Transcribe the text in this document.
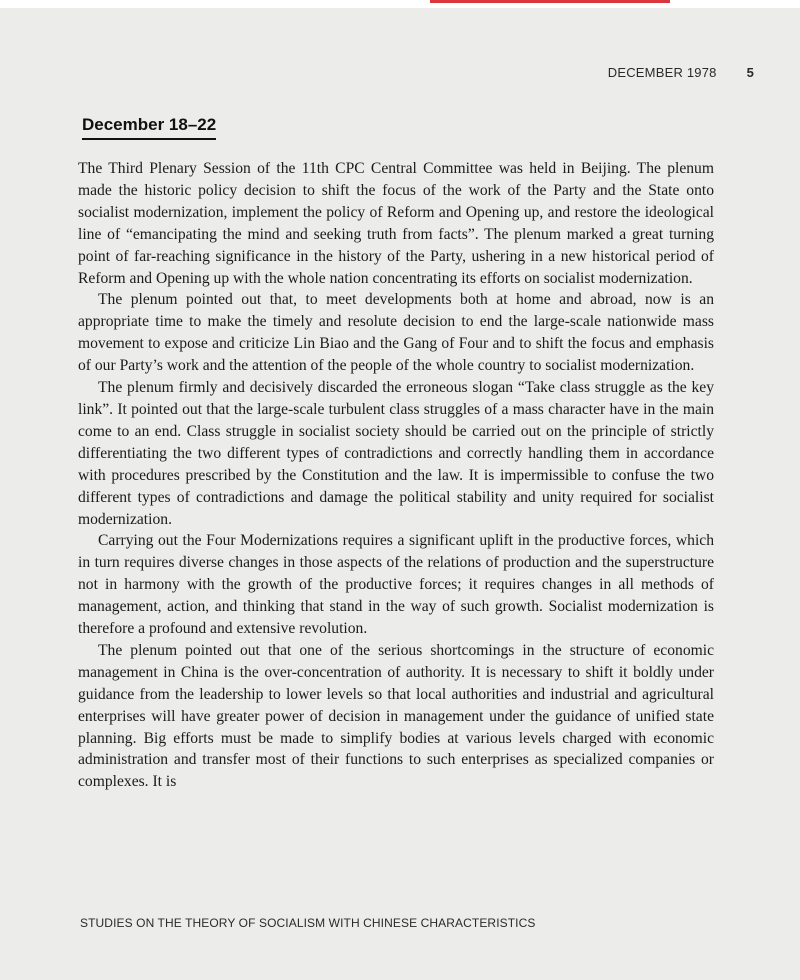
DECEMBER 1978 5
December 18–22

The Third Plenary Session of the 11th CPC Central Committee was held in Beijing. The plenum made the historic policy decision to shift the focus of the work of the Party and the State onto socialist modernization, implement the policy of Reform and Opening up, and restore the ideological line of “emancipating the mind and seeking truth from facts”. The plenum marked a great turning point of far-reaching significance in the history of the Party, ushering in a new historical period of Reform and Opening up with the whole nation concentrating its efforts on socialist modernization.

The plenum pointed out that, to meet developments both at home and abroad, now is an appropriate time to make the timely and resolute decision to end the large-scale nationwide mass movement to expose and criticize Lin Biao and the Gang of Four and to shift the focus and emphasis of our Party’s work and the attention of the people of the whole country to socialist modernization.

The plenum firmly and decisively discarded the erroneous slogan “Take class struggle as the key link”. It pointed out that the large-scale turbulent class struggles of a mass character have in the main come to an end. Class struggle in socialist society should be carried out on the principle of strictly differentiating the two different types of contradictions and correctly handling them in accordance with procedures prescribed by the Constitution and the law. It is impermissible to confuse the two different types of contradictions and damage the political stability and unity required for socialist modernization.

Carrying out the Four Modernizations requires a significant uplift in the productive forces, which in turn requires diverse changes in those aspects of the relations of production and the superstructure not in harmony with the growth of the productive forces; it requires changes in all methods of management, action, and thinking that stand in the way of such growth. Socialist modernization is therefore a profound and extensive revolution.

The plenum pointed out that one of the serious shortcomings in the structure of economic management in China is the over-concentration of authority. It is necessary to shift it boldly under guidance from the leadership to lower levels so that local authorities and industrial and agricultural enterprises will have greater power of decision in management under the guidance of unified state planning. Big efforts must be made to simplify bodies at various levels charged with economic administration and transfer most of their functions to such enterprises as specialized companies or complexes. It is

STUDIES ON THE THEORY OF SOCIALISM WITH CHINESE CHARACTERISTICS
